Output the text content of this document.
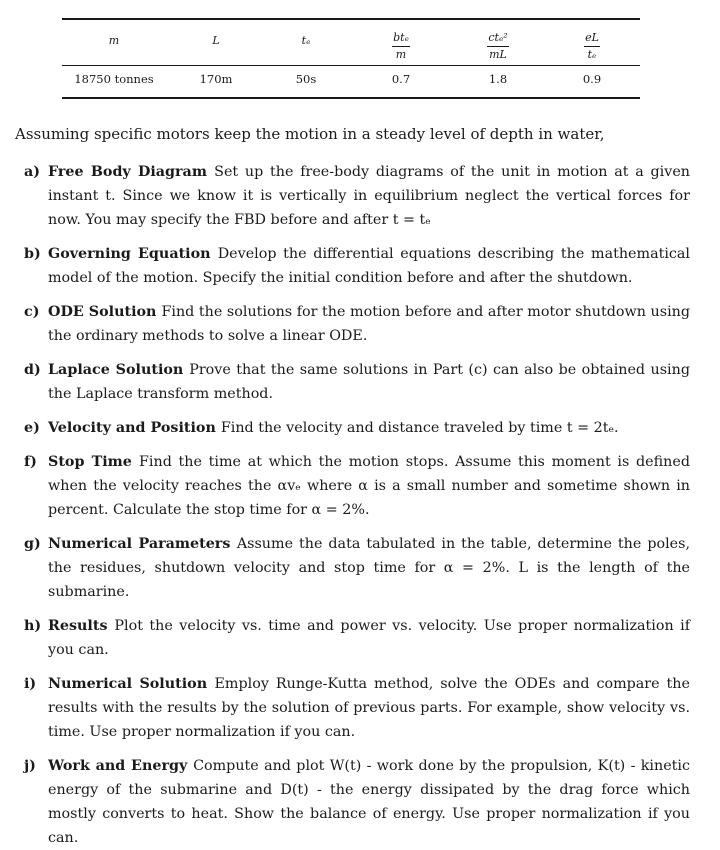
m	L	tₑ	$\frac{\text{btₑ}}{m}$	$\frac{\text{ctₑ²}}{mL}$	$\frac{eL}{\text{tₑ}}$
18750 tonnes	170m	50s	0.7	1.8	0.9
Assuming specific motors keep the motion in a steady level of depth in water,
a) Free Body Diagram Set up the free-body diagrams of the unit in motion at a given instant t. Since we know it is vertically in equilibrium neglect the vertical forces for now. You may specify the FBD before and after t = tₑ
b) Governing Equation Develop the differential equations describing the mathematical model of the motion. Specify the initial condition before and after the shutdown.
c) ODE Solution Find the solutions for the motion before and after motor shutdown using the ordinary methods to solve a linear ODE.
d) Laplace Solution Prove that the same solutions in Part (c) can also be obtained using the Laplace transform method.
e) Velocity and Position Find the velocity and distance traveled by time t = 2tₑ.
f) Stop Time Find the time at which the motion stops. Assume this moment is defined when the velocity reaches the αvₑ where α is a small number and sometime shown in percent. Calculate the stop time for α = 2%.
g) Numerical Parameters Assume the data tabulated in the table, determine the poles, the residues, shutdown velocity and stop time for α = 2%. L is the length of the submarine.
h) Results Plot the velocity vs. time and power vs. velocity. Use proper normalization if you can.
i) Numerical Solution Employ Runge-Kutta method, solve the ODEs and compare the results with the results by the solution of previous parts. For example, show velocity vs. time. Use proper normalization if you can.
j) Work and Energy Compute and plot W(t) - work done by the propulsion, K(t) - kinetic energy of the submarine and D(t) - the energy dissipated by the drag force which mostly converts to heat. Show the balance of energy. Use proper normalization if you can.
